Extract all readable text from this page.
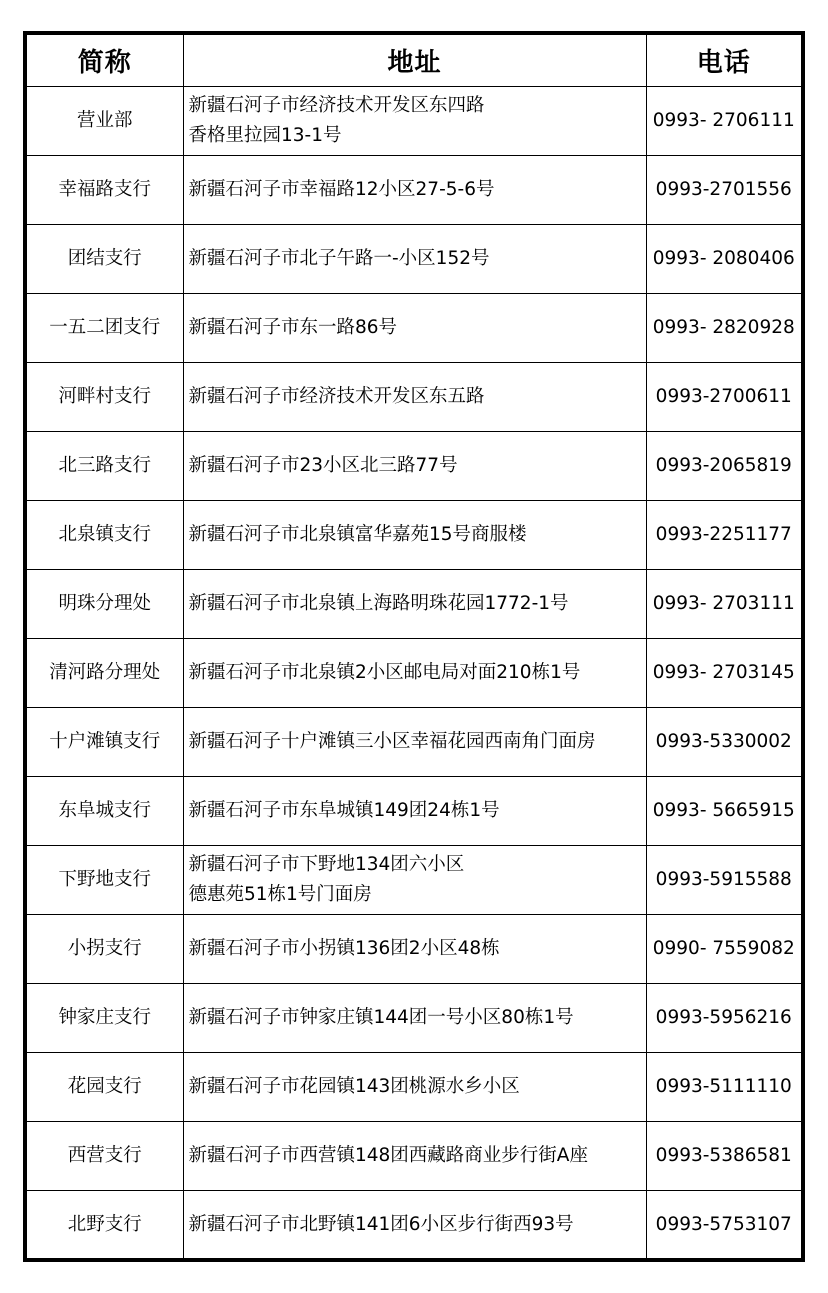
简称	地址	电话
营业部	新疆石河子市经济技术开发区东四路
香格里拉园13-1号	0993- 2706111
幸福路支行	新疆石河子市幸福路12小区27-5-6号	0993-2701556
团结支行	新疆石河子市北子午路一-小区152号	0993- 2080406
一五二团支行	新疆石河子市东一路86号	0993- 2820928
河畔村支行	新疆石河子市经济技术开发区东五路	0993-2700611
北三路支行	新疆石河子市23小区北三路77号	0993-2065819
北泉镇支行	新疆石河子市北泉镇富华嘉苑15号商服楼	0993-2251177
明珠分理处	新疆石河子市北泉镇上海路明珠花园1772-1号	0993- 2703111
清河路分理处	新疆石河子市北泉镇2小区邮电局对面210栋1号	0993- 2703145
十户滩镇支行	新疆石河子十户滩镇三小区幸福花园西南角门面房	0993-5330002
东阜城支行	新疆石河子市东阜城镇149团24栋1号	0993- 5665915
下野地支行	新疆石河子市下野地134团六小区
德惠苑51栋1号门面房	0993-5915588
小拐支行	新疆石河子市小拐镇136团2小区48栋	0990- 7559082
钟家庄支行	新疆石河子市钟家庄镇144团一号小区80栋1号	0993-5956216
花园支行	新疆石河子市花园镇143团桃源水乡小区	0993-5111110
西营支行	新疆石河子市西营镇148团西藏路商业步行街A座	0993-5386581
北野支行	新疆石河子市北野镇141团6小区步行街西93号	0993-5753107
